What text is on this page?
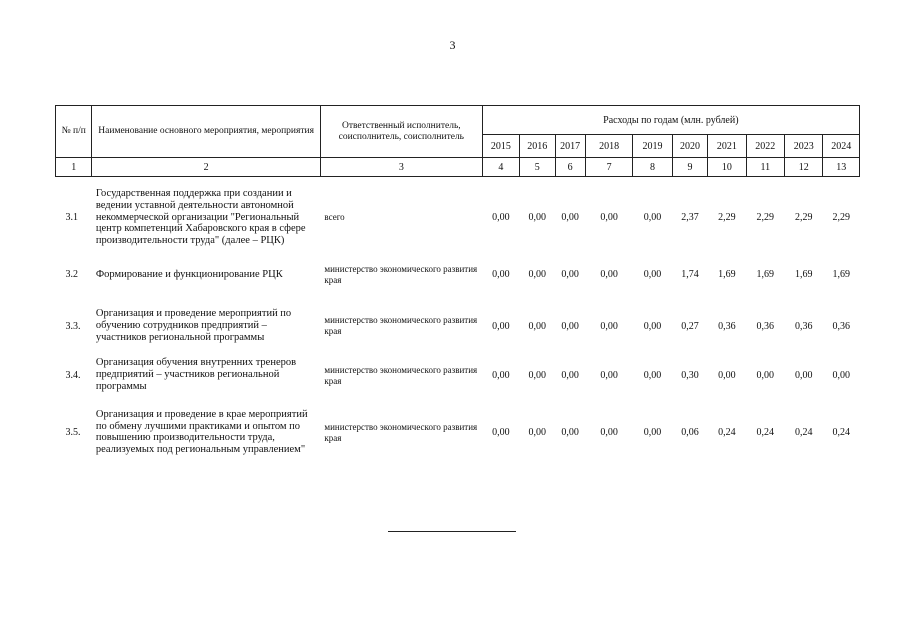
3
№ п/п	Наименование основного мероприятия, мероприятия	Ответственный исполнитель, соисполнитель, соисполнитель	Расходы по годам (млн. рублей)									
			2015	2016	2017	2018	2019	2020	2021	2022	2023	2024
1	2	3	4	5	6	7	8	9	10	11	12	13
3.1	Государственная поддержка при создании и ведении уставной деятельности автономной некоммерческой организации "Региональный центр компетенций Хабаровского края в сфере производительности труда" (далее – РЦК)	всего	0,00	0,00	0,00	0,00	0,00	2,37	2,29	2,29	2,29	2,29
3.2	Формирование и функционирование РЦК	министерство экономического развития края	0,00	0,00	0,00	0,00	0,00	1,74	1,69	1,69	1,69	1,69
3.3.	Организация и проведение мероприятий по обучению сотрудников предприятий – участников региональной программы	министерство экономического развития края	0,00	0,00	0,00	0,00	0,00	0,27	0,36	0,36	0,36	0,36
3.4.	Организация обучения внутренних тренеров предприятий – участников региональной программы	министерство экономического развития края	0,00	0,00	0,00	0,00	0,00	0,30	0,00	0,00	0,00	0,00
3.5.	Организация и проведение в крае мероприятий по обмену лучшими практиками и опытом по повышению производительности труда, реализуемых под региональным управлением"	министерство экономического развития края	0,00	0,00	0,00	0,00	0,00	0,06	0,24	0,24	0,24	0,24
